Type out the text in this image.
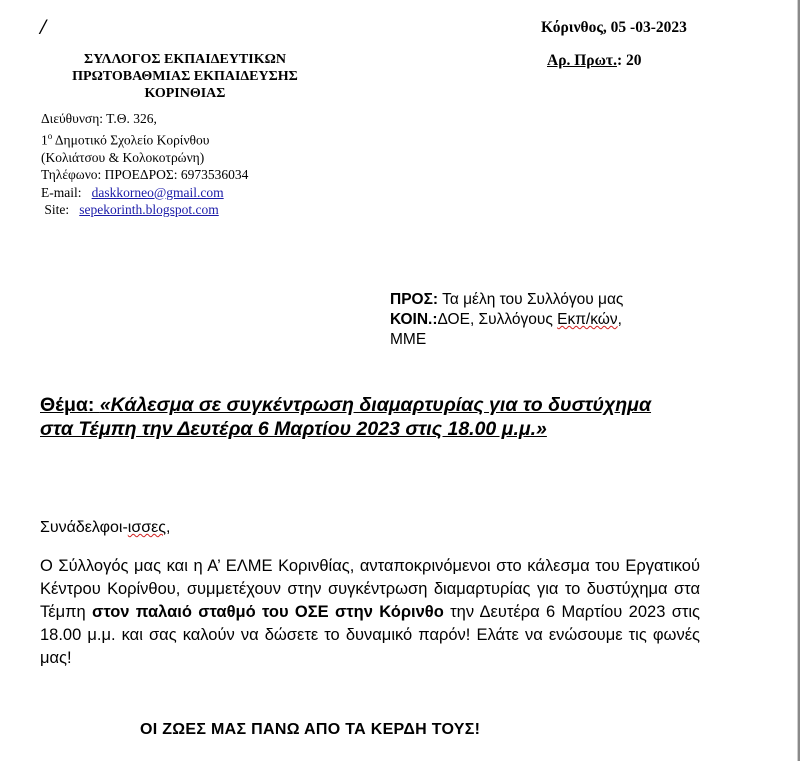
/	Κόρινθος, 05 -03-2023
Αρ. Πρωτ.: 20
ΣΥΛΛΟΓΟΣ ΕΚΠΑΙΔΕΥΤΙΚΩΝ
ΠΡΩΤΟΒΑΘΜΙΑΣ ΕΚΠΑΙΔΕΥΣΗΣ
ΚΟΡΙΝΘΙΑΣ
Διεύθυνση: Τ.Θ. 326,
$1^o$ Δημοτικό Σχολείο Κορίνθου
(Κολιάτσου & Κολοκοτρώνη)
Τηλέφωνο: ΠΡΟΕΔΡΟΣ: 6973536034
E-mail: daskkorneo@gmail.com
Site: sepekorinth.blogspot.com
ΠΡΟΣ: Τα μέλη του Συλλόγου μας
ΚΟΙΝ.:ΔΟΕ, Συλλόγους Εκπ/κών,
ΜΜΕ
Θέμα: «Κάλεσμα σε συγκέντρωση διαμαρτυρίας για το δυστύχημα στα Τέμπη την Δευτέρα 6 Μαρτίου 2023 στις 18.00 μ.μ.»
Συνάδελφοι-ισσες,
Ο Σύλλογός μας και η Α’ ΕΛΜΕ Κορινθίας, ανταποκρινόμενοι στο κάλεσμα του Εργατικού Κέντρου Κορίνθου, συμμετέχουν στην συγκέντρωση διαμαρτυρίας για το δυστύχημα στα Τέμπη στον παλαιό σταθμό του ΟΣΕ στην Κόρινθο την Δευτέρα 6 Μαρτίου 2023 στις 18.00 μ.μ. και σας καλούν να δώσετε το δυναμικό παρόν! Ελάτε να ενώσουμε τις φωνές μας!
ΟΙ ΖΩΕΣ ΜΑΣ ΠΑΝΩ ΑΠΟ ΤΑ ΚΕΡΔΗ ΤΟΥΣ!
